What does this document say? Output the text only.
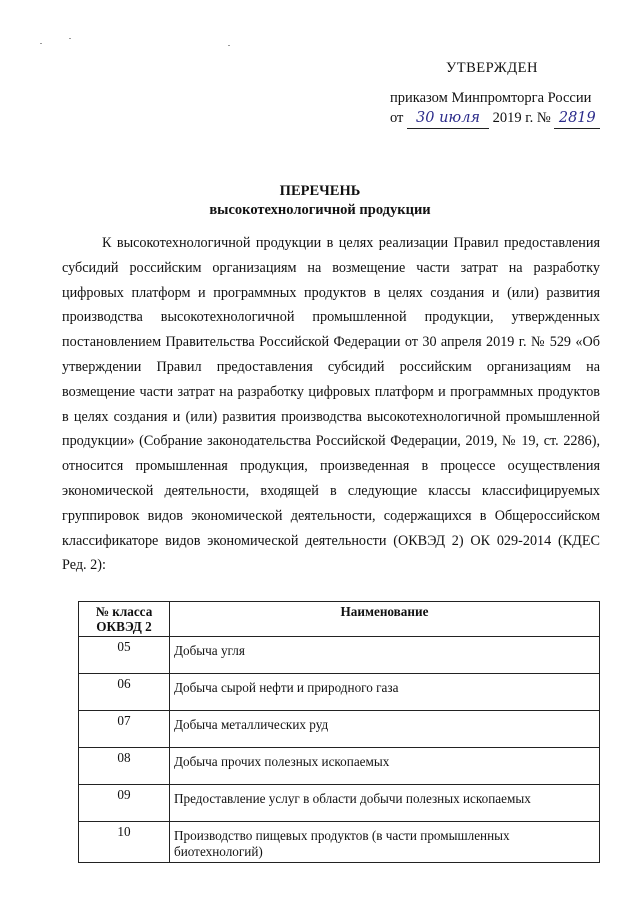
УТВЕРЖДЕН
приказом Минпромторга России
от 30 июля 2019 г. № 2819
ПЕРЕЧЕНЬ
высокотехнологичной продукции

К высокотехнологичной продукции в целях реализации Правил предоставления субсидий российским организациям на возмещение части затрат на разработку цифровых платформ и программных продуктов в целях создания и (или) развития производства высокотехнологичной промышленной продукции, утвержденных постановлением Правительства Российской Федерации от 30 апреля 2019 г. № 529 «Об утверждении Правил предоставления субсидий российским организациям на возмещение части затрат на разработку цифровых платформ и программных продуктов в целях создания и (или) развития производства высокотехнологичной промышленной продукции» (Собрание законодательства Российской Федерации, 2019, № 19, ст. 2286), относится промышленная продукция, произведенная в процессе осуществления экономической деятельности, входящей в следующие классы классифицируемых группировок видов экономической деятельности, содержащихся в Общероссийском классификаторе видов экономической деятельности (ОКВЭД 2) ОК 029-2014 (КДЕС Ред. 2):

№ класса ОКВЭД 2	Наименование
05	Добыча угля
06	Добыча сырой нефти и природного газа
07	Добыча металлических руд
08	Добыча прочих полезных ископаемых
09	Предоставление услуг в области добычи полезных ископаемых
10	Производство пищевых продуктов (в части промышленных биотехнологий)
